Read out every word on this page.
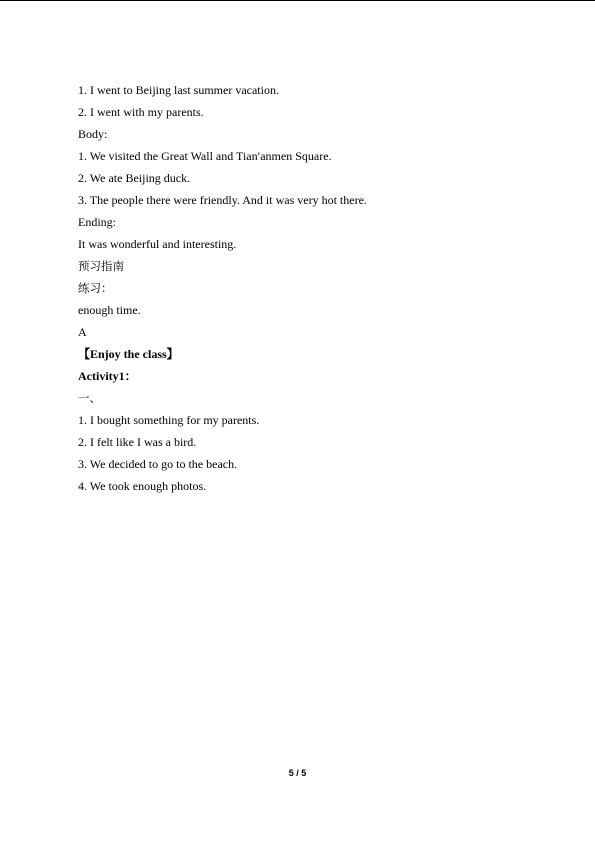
1. I went to Beijing last summer vacation.
2. I went with my parents.
Body:
1. We visited the Great Wall and Tian′anmen Square.
2. We ate Beijing duck.
3. The people there were friendly. And it was very hot there.
Ending:
It was wonderful and interesting.
预习指南
练习：
enough time.
A
【Enjoy the class】
Activity1：
一、
1. I bought something for my parents.
2. I felt like I was a bird.
3. We decided to go to the beach.
4. We took enough photos.
5 / 5
